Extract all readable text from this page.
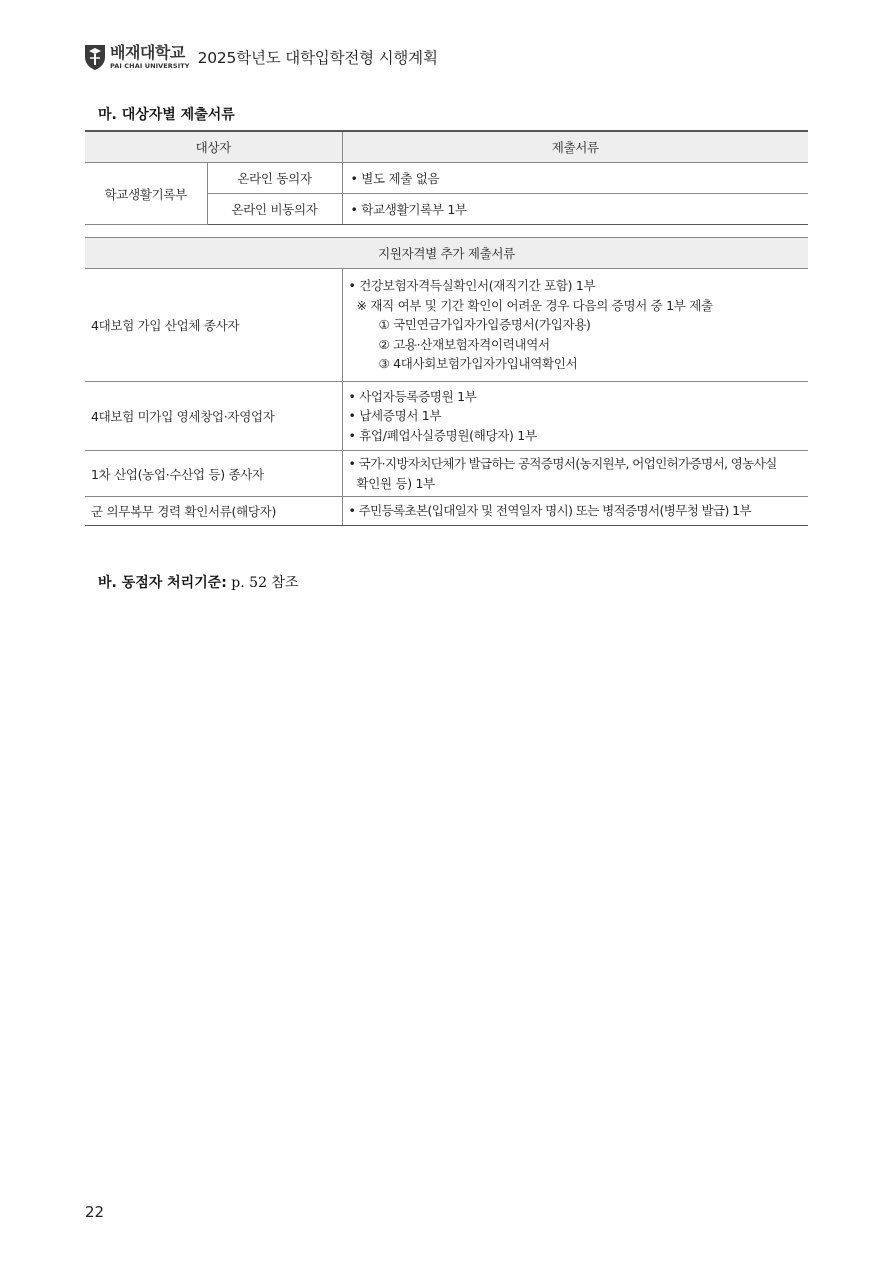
배재대학교
PAI CHAI UNIVERSITY 2025학년도 대학입학전형 시행계획
마. 대상자별 제출서류
대상자		제출서류
학교생활기록부	온라인 동의자	• 별도 제출 없음
	온라인 비동의자	• 학교생활기록부 1부
지원자격별 추가 제출서류	
4대보험 가입 산업체 종사자	• 건강보험자격득실확인서(재직기간 포함) 1부
※ 재직 여부 및 기간 확인이 어려운 경우 다음의 증명서 중 1부 제출
① 국민연금가입자가입증명서(가입자용)
② 고용·산재보험자격이력내역서
③ 4대사회보험가입자가입내역확인서

4대보험 미가입 영세창업·자영업자	• 사업자등록증명원 1부
• 납세증명서 1부
• 휴업/폐업사실증명원(해당자) 1부

1차 산업(농업·수산업 등) 종사자	• 국가·지방자치단체가 발급하는 공적증명서(농지원부, 어업인허가증명서, 영농사실
확인원 등) 1부

군 의무복무 경력 확인서류(해당자)	• 주민등록초본(입대일자 및 전역일자 명시) 또는 병적증명서(병무청 발급) 1부
바. 동점자 처리기준: p. 52 참조
22
